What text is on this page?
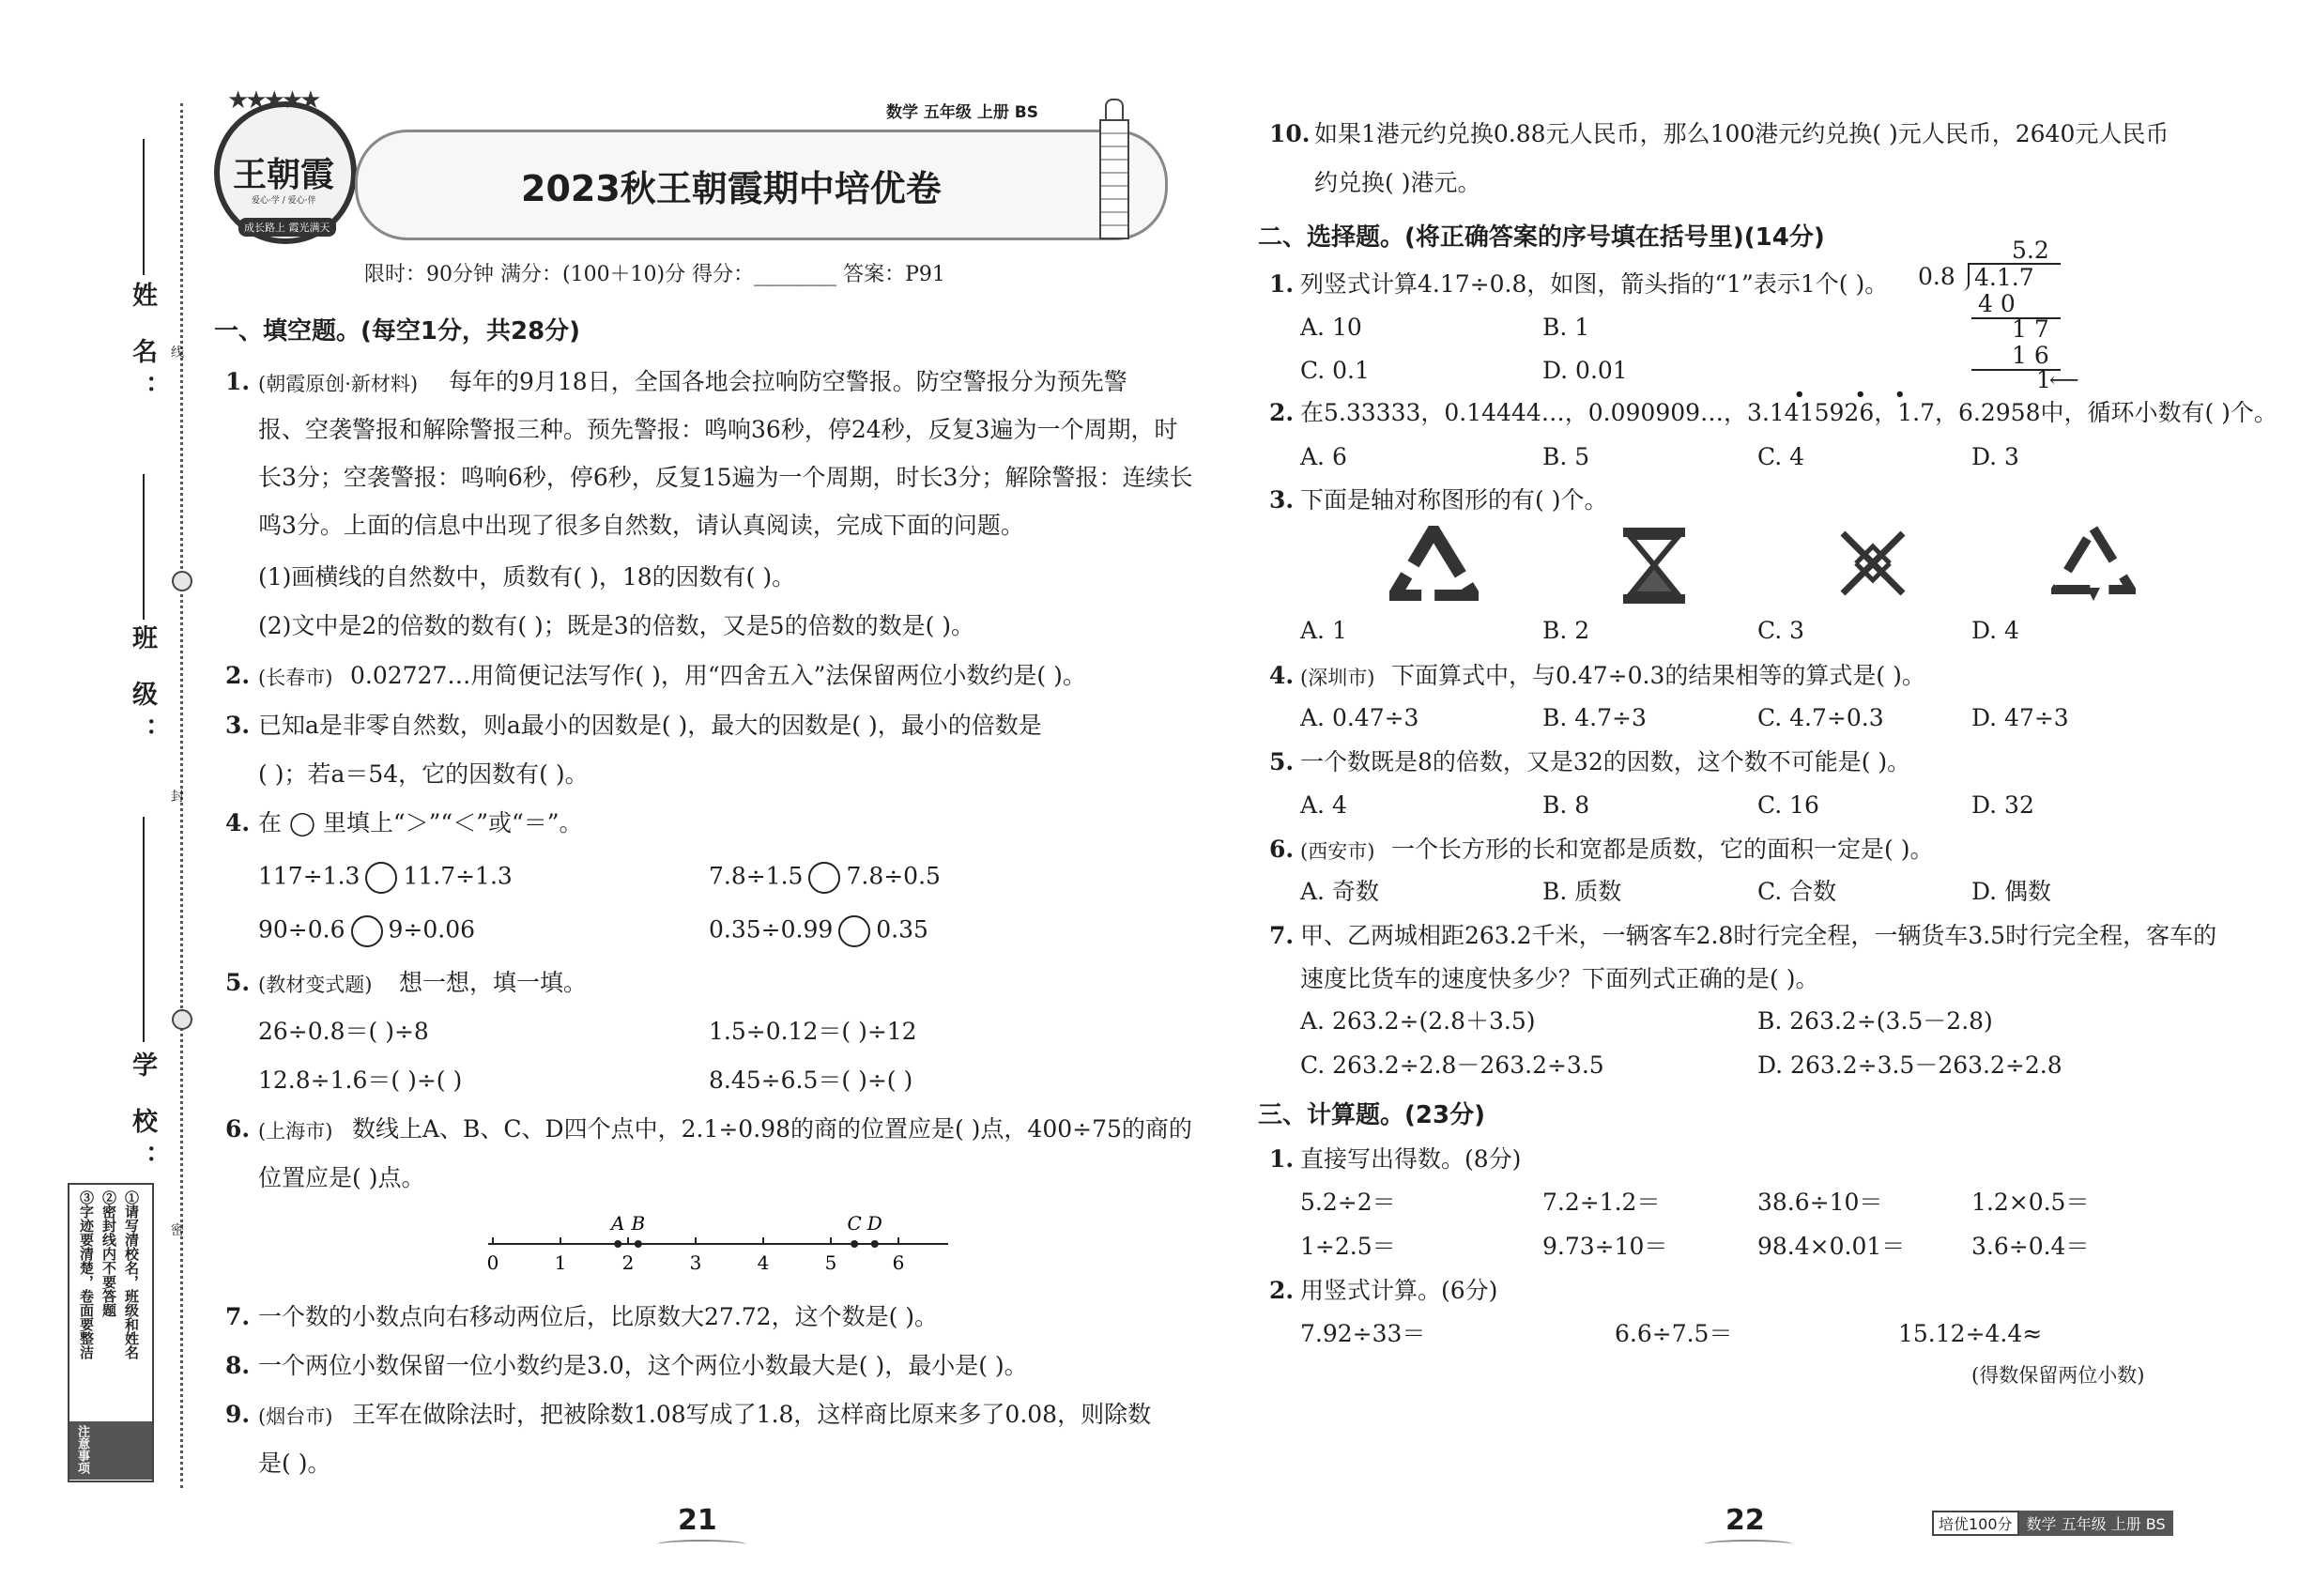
姓 名：
班 级：
学 校：
线
封
密
注意事项
①请写清校名，班级和姓名
②密封线内不要答题
③字迹要清楚，卷面要整洁
★★★★★
王朝霞
爱心·学 / 爱心·伴
成长路上 霞光满天
数学 五年级 上册 BS
2023秋王朝霞期中培优卷
限时：90分钟 满分：(100＋10)分 得分：________ 答案：P91
一、填空题。(每空1分，共28分)
1. (朝霞原创·新材料) 每年的9月18日，全国各地会拉响防空警报。防空警报分为预先警
报、空袭警报和解除警报三种。预先警报：鸣响36秒，停24秒，反复3遍为一个周期，时
长3分；空袭警报：鸣响6秒，停6秒，反复15遍为一个周期，时长3分；解除警报：连续长
鸣3分。上面的信息中出现了很多自然数，请认真阅读，完成下面的问题。
(1)画横线的自然数中，质数有( )，18的因数有( )。
(2)文中是2的倍数的数有( )；既是3的倍数，又是5的倍数的数是( )。
2. (长春市) 0.02727…用简便记法写作( )，用“四舍五入”法保留两位小数约是( )。
3. 已知a是非零自然数，则a最小的因数是( )，最大的因数是( )，最小的倍数是
( )；若a＝54，它的因数有( )。
4. 在 ◯ 里填上“＞”“＜”或“＝”。
117÷1.3 11.7÷1.3	7.8÷1.5 7.8÷0.5
90÷0.6 9÷0.06	0.35÷0.99 0.35
5. (教材变式题) 想一想，填一填。
26÷0.8＝( )÷8	1.5÷0.12＝( )÷12
12.8÷1.6＝( )÷( )	8.45÷6.5＝( )÷( )
6. (上海市) 数线上A、B、C、D四个点中，2.1÷0.98的商的位置应是( )点，400÷75的商的
位置应是( )点。
0	1	2	3	4	5	6
A B	C D
7. 一个数的小数点向右移动两位后，比原数大27.72，这个数是( )。
8. 一个两位小数保留一位小数约是3.0，这个两位小数最大是( )，最小是( )。
9. (烟台市) 王军在做除法时，把被除数1.08写成了1.8，这样商比原来多了0.08，则除数
是( )。
21
10. 如果1港元约兑换0.88元人民币，那么100港元约兑换( )元人民币，2640元人民币
约兑换( )港元。
二、选择题。(将正确答案的序号填在括号里)(14分)
1. 列竖式计算4.17÷0.8，如图，箭头指的“1”表示1个( )。
A. 10	B. 1
C. 0.1	D. 0.01
5.2
0.8 4.1.7
4 0
1 7
1 6
1
⟵
2. 在5.33333，0.14444…，0.090909…，3.1415926，1.7，6.2958中，循环小数有( )个。
•	• •
A. 6	B. 5	C. 4	D. 3
3. 下面是轴对称图形的有( )个。
A. 1	B. 2	C. 3	D. 4
4. (深圳市) 下面算式中，与0.47÷0.3的结果相等的算式是( )。
A. 0.47÷3	B. 4.7÷3	C. 4.7÷0.3	D. 47÷3
5. 一个数既是8的倍数，又是32的因数，这个数不可能是( )。
A. 4	B. 8	C. 16	D. 32
6. (西安市) 一个长方形的长和宽都是质数，它的面积一定是( )。
A. 奇数	B. 质数	C. 合数	D. 偶数
7. 甲、乙两城相距263.2千米，一辆客车2.8时行完全程，一辆货车3.5时行完全程，客车的
速度比货车的速度快多少？下面列式正确的是( )。
A. 263.2÷(2.8＋3.5)	B. 263.2÷(3.5－2.8)
C. 263.2÷2.8－263.2÷3.5	D. 263.2÷3.5－263.2÷2.8
三、计算题。(23分)
1. 直接写出得数。(8分)
5.2÷2＝	7.2÷1.2＝	38.6÷10＝	1.2×0.5＝
1÷2.5＝	9.73÷10＝	98.4×0.01＝	3.6÷0.4＝
2. 用竖式计算。(6分)
7.92÷33＝	6.6÷7.5＝	15.12÷4.4≈
(得数保留两位小数)
22	培优100分 数学 五年级 上册 BS
